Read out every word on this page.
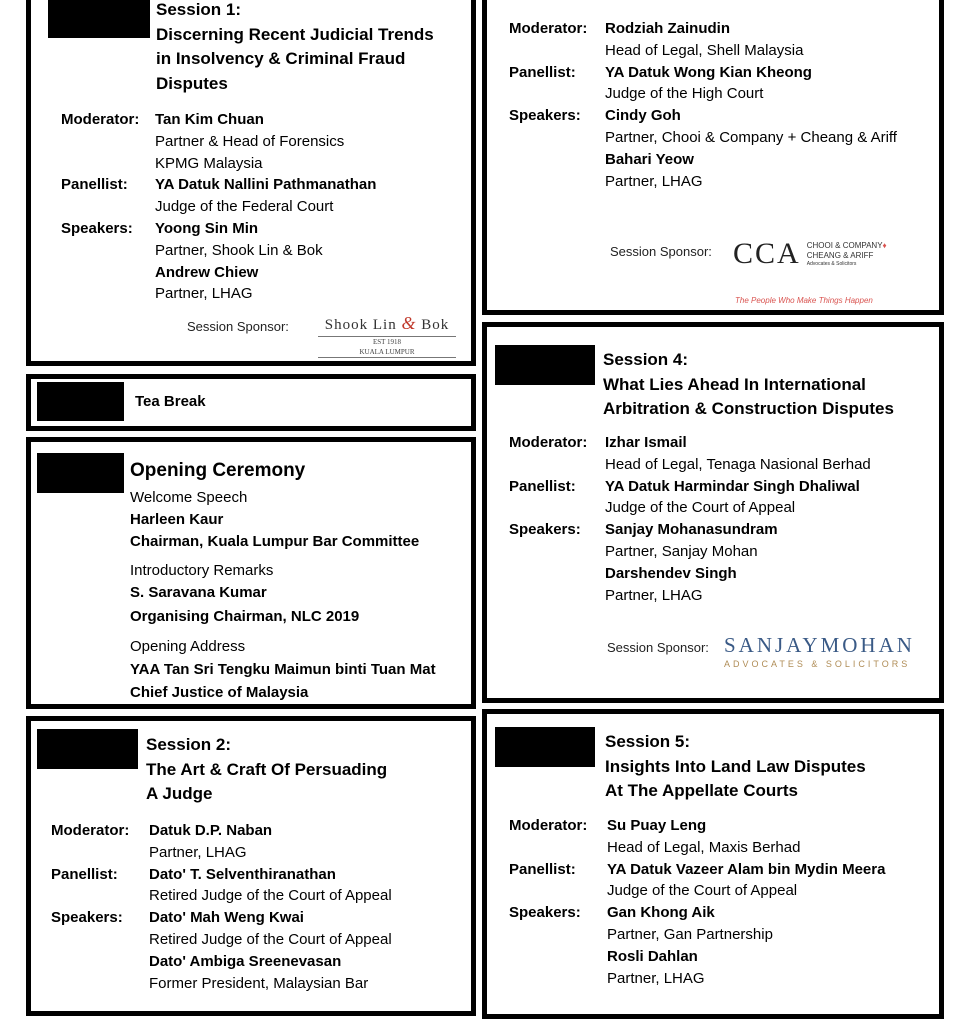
Session 1:
Discerning Recent Judicial Trends
in Insolvency & Criminal Fraud
Disputes
Moderator:	Tan Kim Chuan
Partner & Head of Forensics
KPMG Malaysia
Panellist:	YA Datuk Nallini Pathmanathan
Judge of the Federal Court
Speakers:	Yoong Sin Min
Partner, Shook Lin & Bok
Andrew Chiew
Partner, LHAG
Session Sponsor:	Shook Lin & Bok
EST 1918
KUALA LUMPUR
Moderator:	Rodziah Zainudin
Head of Legal, Shell Malaysia
Panellist:	YA Datuk Wong Kian Kheong
Judge of the High Court
Speakers:	Cindy Goh
Partner, Chooi & Company + Cheang & Ariff
Bahari Yeow
Partner, LHAG
Session Sponsor: CCA CHOOI & COMPANY♦
CHEANG & ARIFF
Advocates & Solicitors
The People Who Make Things Happen
Tea Break
Opening Ceremony
Welcome Speech
Harleen Kaur
Chairman, Kuala Lumpur Bar Committee
Introductory Remarks
S. Saravana Kumar
Organising Chairman, NLC 2019
Opening Address
YAA Tan Sri Tengku Maimun binti Tuan Mat
Chief Justice of Malaysia
Session 4:
What Lies Ahead In International
Arbitration & Construction Disputes
Moderator:	Izhar Ismail
Head of Legal, Tenaga Nasional Berhad
Panellist:	YA Datuk Harmindar Singh Dhaliwal
Judge of the Court of Appeal
Speakers:	Sanjay Mohanasundram
Partner, Sanjay Mohan
Darshendev Singh
Partner, LHAG
Session Sponsor: SANJAYMOHAN
ADVOCATES & SOLICITORS
Session 2:
The Art & Craft Of Persuading
A Judge
Moderator:	Datuk D.P. Naban
Partner, LHAG
Panellist:	Dato' T. Selventhiranathan
Retired Judge of the Court of Appeal
Speakers:	Dato' Mah Weng Kwai
Retired Judge of the Court of Appeal
Dato' Ambiga Sreenevasan
Former President, Malaysian Bar
Session 5:
Insights Into Land Law Disputes
At The Appellate Courts
Moderator:	Su Puay Leng
Head of Legal, Maxis Berhad
Panellist:	YA Datuk Vazeer Alam bin Mydin Meera
Judge of the Court of Appeal
Speakers:	Gan Khong Aik
Partner, Gan Partnership
Rosli Dahlan
Partner, LHAG
